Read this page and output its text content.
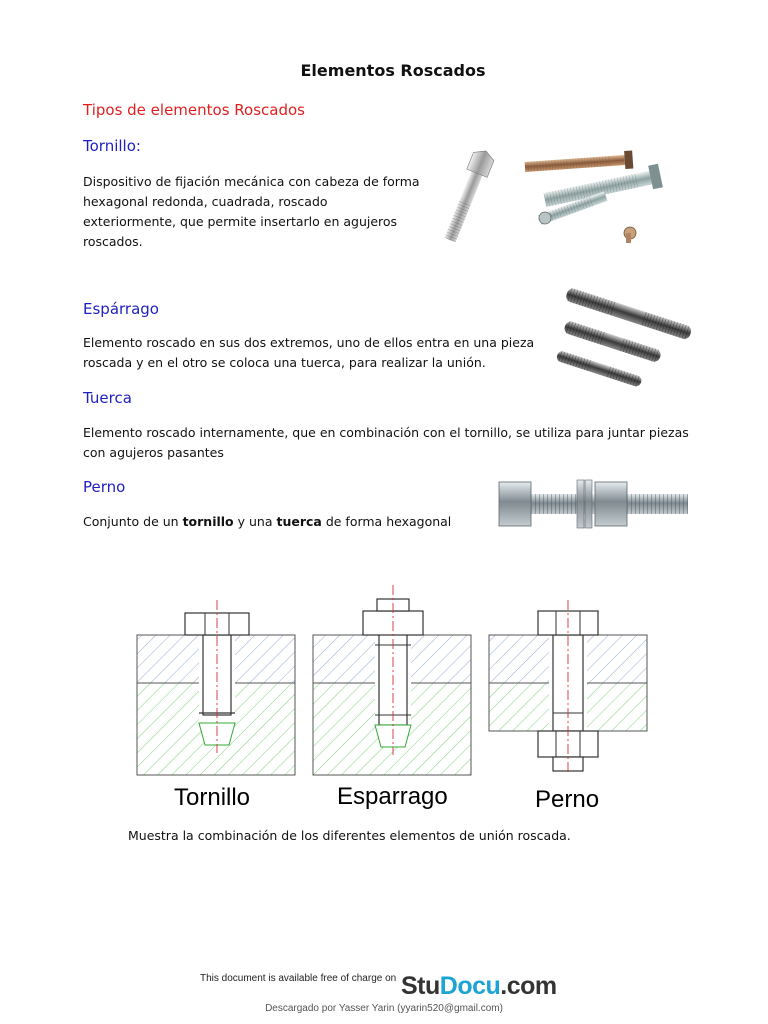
Elementos Roscados
Tipos de elementos Roscados
Tornillo:
Dispositivo de fijación mecánica con cabeza de forma
hexagonal redonda, cuadrada, roscado
exteriormente, que permite insertarlo en agujeros
roscados.
Espárrago
Elemento roscado en sus dos extremos, uno de ellos entra en una pieza
roscada y en el otro se coloca una tuerca, para realizar la unión.
Tuerca
Elemento roscado internamente, que en combinación con el tornillo, se utiliza para juntar piezas
con agujeros pasantes
Perno
Conjunto de un tornillo y una tuerca de forma hexagonal
Tornillo	Esparrago	Perno
Muestra la combinación de los diferentes elementos de unión roscada.
This document is available free of charge on StuDocu.com
Descargado por Yasser Yarin (yyarin520@gmail.com)
